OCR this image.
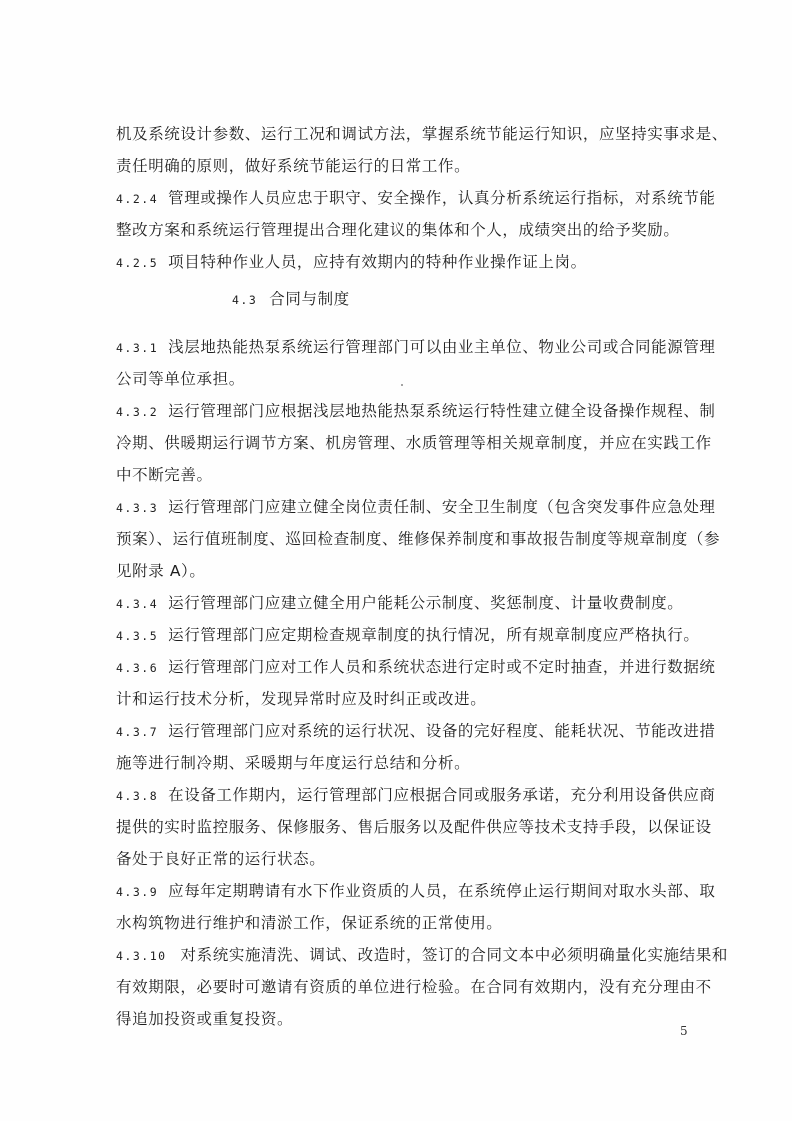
机及系统设计参数、运行工况和调试方法，掌握系统节能运行知识，应坚持实事求是、
责任明确的原则，做好系统节能运行的日常工作。
4.2.4 管理或操作人员应忠于职守、安全操作，认真分析系统运行指标，对系统节能
整改方案和系统运行管理提出合理化建议的集体和个人，成绩突出的给予奖励。
4.2.5 项目特种作业人员，应持有效期内的特种作业操作证上岗。
4.3 合同与制度
4.3.1 浅层地热能热泵系统运行管理部门可以由业主单位、物业公司或合同能源管理
公司等单位承担。
4.3.2 运行管理部门应根据浅层地热能热泵系统运行特性建立健全设备操作规程、制
冷期、供暖期运行调节方案、机房管理、水质管理等相关规章制度，并应在实践工作
中不断完善。
4.3.3 运行管理部门应建立健全岗位责任制、安全卫生制度（包含突发事件应急处理
预案）、运行值班制度、巡回检查制度、维修保养制度和事故报告制度等规章制度（参
见附录 A）。
4.3.4 运行管理部门应建立健全用户能耗公示制度、奖惩制度、计量收费制度。
4.3.5 运行管理部门应定期检查规章制度的执行情况，所有规章制度应严格执行。
4.3.6 运行管理部门应对工作人员和系统状态进行定时或不定时抽查，并进行数据统
计和运行技术分析，发现异常时应及时纠正或改进。
4.3.7 运行管理部门应对系统的运行状况、设备的完好程度、能耗状况、节能改进措
施等进行制冷期、采暖期与年度运行总结和分析。
4.3.8 在设备工作期内，运行管理部门应根据合同或服务承诺，充分利用设备供应商
提供的实时监控服务、保修服务、售后服务以及配件供应等技术支持手段，以保证设
备处于良好正常的运行状态。
4.3.9 应每年定期聘请有水下作业资质的人员，在系统停止运行期间对取水头部、取
水构筑物进行维护和清淤工作，保证系统的正常使用。
4.3.10 对系统实施清洗、调试、改造时，签订的合同文本中必须明确量化实施结果和
有效期限，必要时可邀请有资质的单位进行检验。在合同有效期内，没有充分理由不
得追加投资或重复投资。
5
